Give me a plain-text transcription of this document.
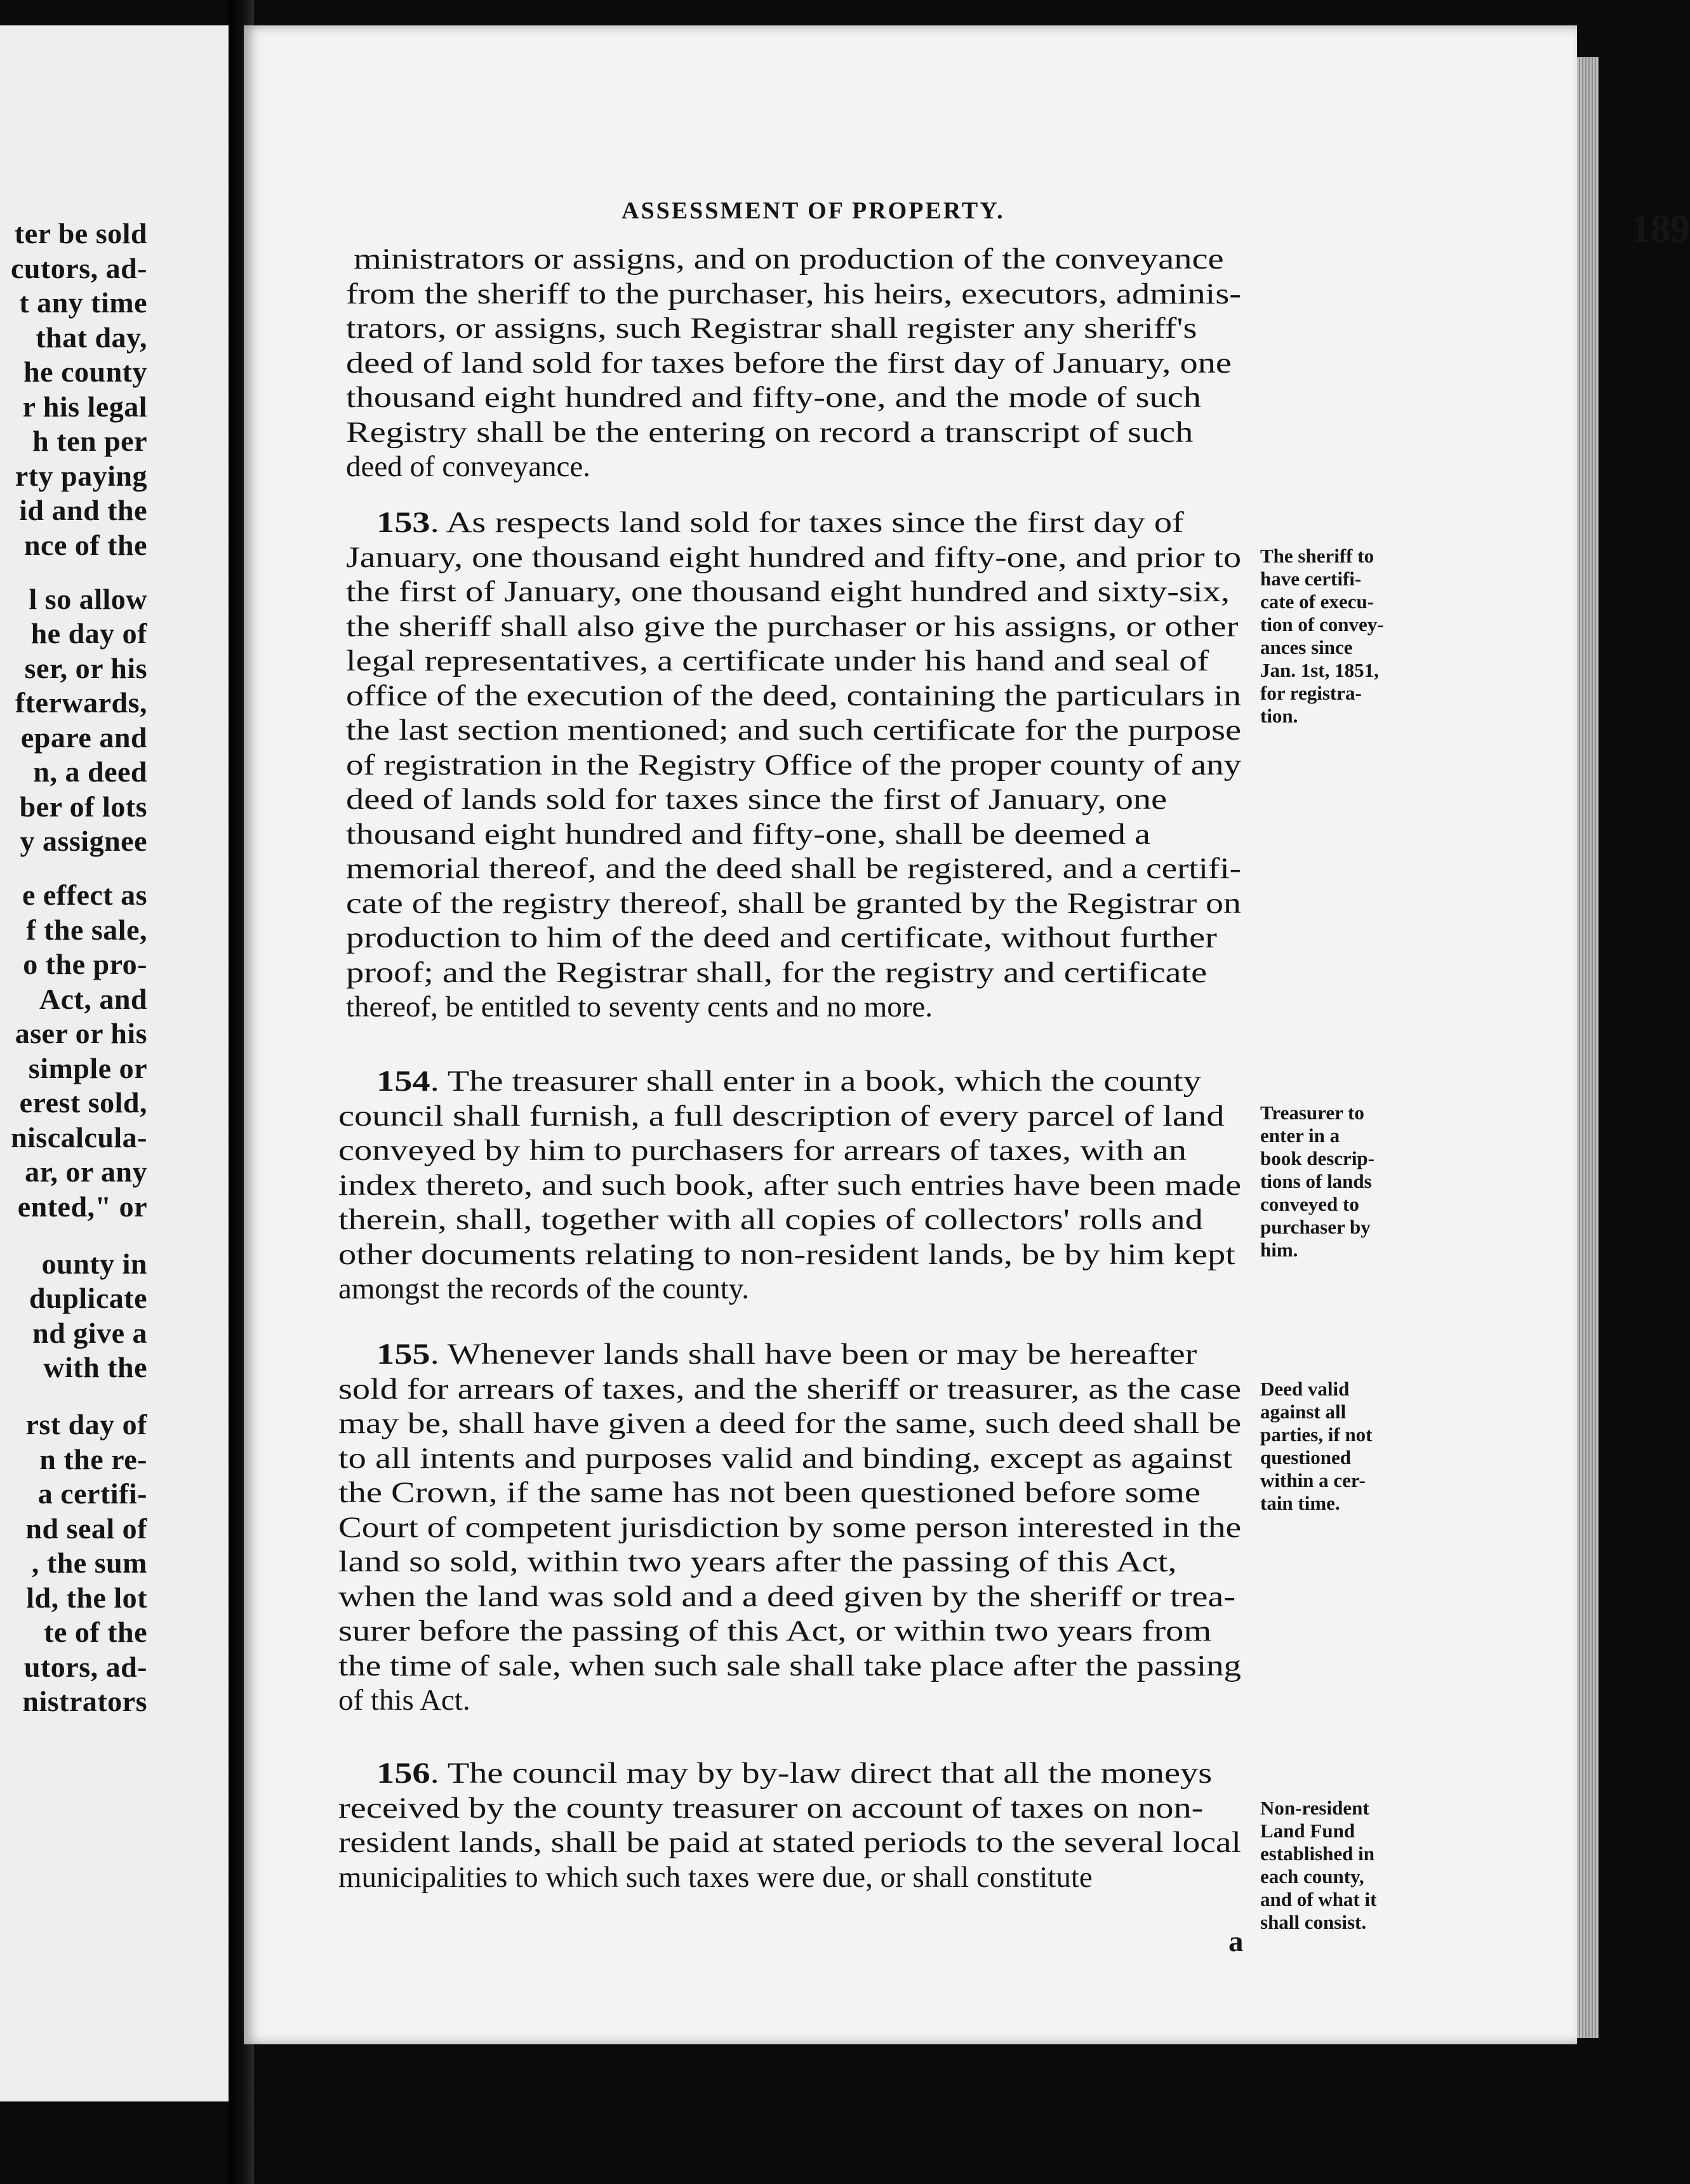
ter be sold
cutors, ad-
t any time
that day,
he county
r his legal
h ten per
rty paying
id and the
nce of the
l so allow
he day of
ser, or his
fterwards,
epare and
n, a deed
ber of lots
y assignee
e effect as
f the sale,
o the pro-
Act, and
aser or his
simple or
erest sold,
niscalcula-
ar, or any
ented," or
ounty in
duplicate
nd give a
with the
rst day of
n the re-
a certifi-
nd seal of
, the sum
ld, the lot
te of the
utors, ad-
nistrators
ASSESSMENT OF PROPERTY.	189
ministrators or assigns, and on production of the conveyance
from the sheriff to the purchaser, his heirs, executors, adminis-
trators, or assigns, such Registrar shall register any sheriff's
deed of land sold for taxes before the first day of January, one
thousand eight hundred and fifty-one, and the mode of such
Registry shall be the entering on record a transcript of such
deed of conveyance.
153. As respects land sold for taxes since the first day of
January, one thousand eight hundred and fifty-one, and prior to
the first of January, one thousand eight hundred and sixty-six,
the sheriff shall also give the purchaser or his assigns, or other
legal representatives, a certificate under his hand and seal of
office of the execution of the deed, containing the particulars in
the last section mentioned; and such certificate for the purpose
of registration in the Registry Office of the proper county of any
deed of lands sold for taxes since the first of January, one
thousand eight hundred and fifty-one, shall be deemed a
memorial thereof, and the deed shall be registered, and a certifi-
cate of the registry thereof, shall be granted by the Registrar on
production to him of the deed and certificate, without further
proof; and the Registrar shall, for the registry and certificate
thereof, be entitled to seventy cents and no more.
The sheriff to
have certifi-
cate of execu-
tion of convey-
ances since
Jan. 1st, 1851,
for registra-
tion.
154. The treasurer shall enter in a book, which the county
council shall furnish, a full description of every parcel of land
conveyed by him to purchasers for arrears of taxes, with an
index thereto, and such book, after such entries have been made
therein, shall, together with all copies of collectors' rolls and
other documents relating to non-resident lands, be by him kept
amongst the records of the county.
Treasurer to
enter in a
book descrip-
tions of lands
conveyed to
purchaser by
him.
155. Whenever lands shall have been or may be hereafter
sold for arrears of taxes, and the sheriff or treasurer, as the case
may be, shall have given a deed for the same, such deed shall be
to all intents and purposes valid and binding, except as against
the Crown, if the same has not been questioned before some
Court of competent jurisdiction by some person interested in the
land so sold, within two years after the passing of this Act,
when the land was sold and a deed given by the sheriff or trea-
surer before the passing of this Act, or within two years from
the time of sale, when such sale shall take place after the passing
of this Act.
Deed valid
against all
parties, if not
questioned
within a cer-
tain time.
156. The council may by by-law direct that all the moneys
received by the county treasurer on account of taxes on non-
resident lands, shall be paid at stated periods to the several local
municipalities to which such taxes were due, or shall constitute
Non-resident
Land Fund
established in
each county,
and of what it
shall consist.
a
